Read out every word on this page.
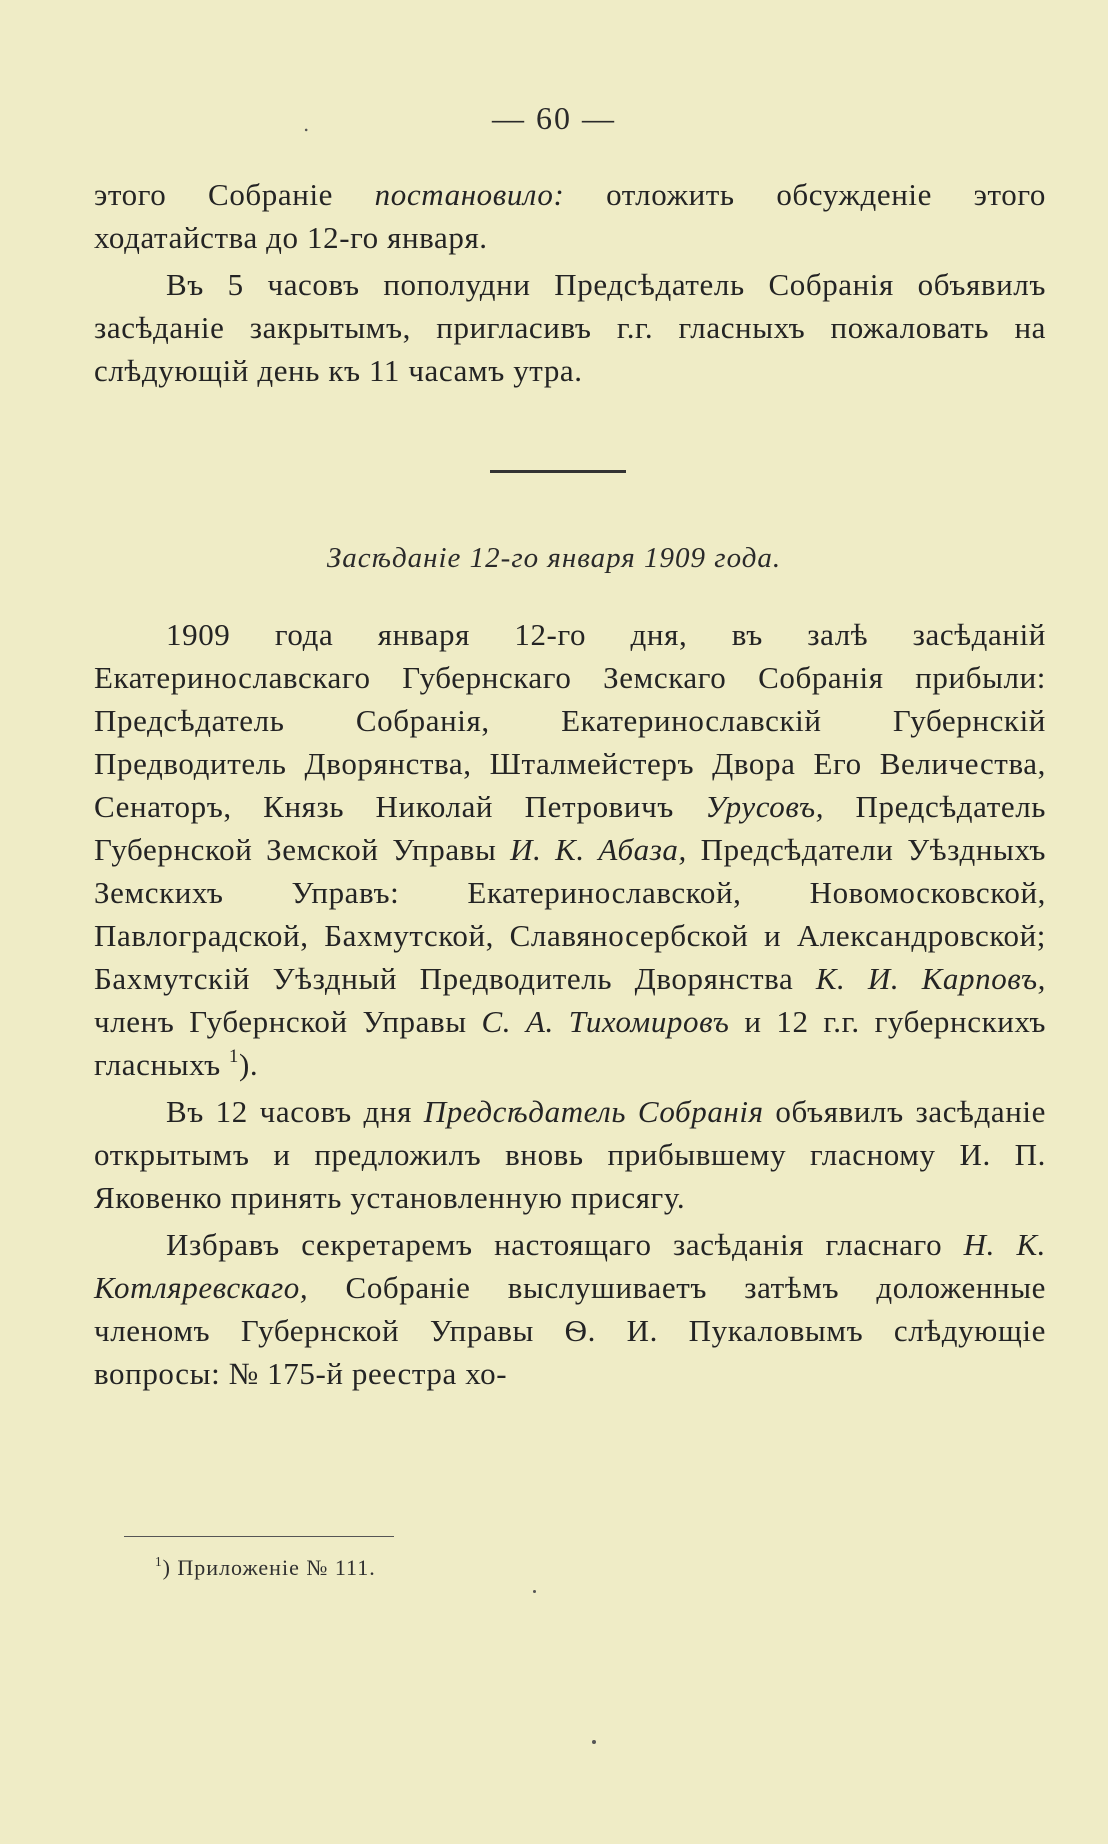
— 60 —
.

этого Собраніе постановило: отложить обсужденіе этого ходатайства до 12-го января.

Въ 5 часовъ пополудни Предсѣдатель Собранія объявилъ засѣданіе закрытымъ, пригласивъ г.г. гласныхъ пожаловать на слѣдующій день къ 11 часамъ утра.

Засѣданіе 12-го января 1909 года.

1909 года января 12-го дня, въ залѣ засѣданій Екатеринославскаго Губернскаго Земскаго Собранія прибыли: Предсѣдатель Собранія, Екатеринославскій Губернскій Предводитель Дворянства, Шталмейстеръ Двора Его Величества, Сенаторъ, Князь Николай Петровичъ Урусовъ, Предсѣдатель Губернской Земской Управы И. К. Абаза, Предсѣдатели Уѣздныхъ Земскихъ Управъ: Екатеринославской, Новомосковской, Павлоградской, Бахмутской, Славяносербской и Александровской; Бахмутскій Уѣздный Предводитель Дворянства К. И. Карповъ, членъ Губернской Управы С. А. Тихомировъ и 12 г.г. губернскихъ гласныхъ $^1$).

Въ 12 часовъ дня Предсѣдатель Собранія объявилъ засѣданіе открытымъ и предложилъ вновь прибывшему гласному И. П. Яковенко принять установленную присягу.

Избравъ секретаремъ настоящаго засѣданія гласнаго Н. К. Котляревскаго, Собраніе выслушиваетъ затѣмъ доложенные членомъ Губернской Управы Ѳ. И. Пукаловымъ слѣдующіе вопросы: № 175-й реестра хо-

$^1$) Приложеніе № 111.
